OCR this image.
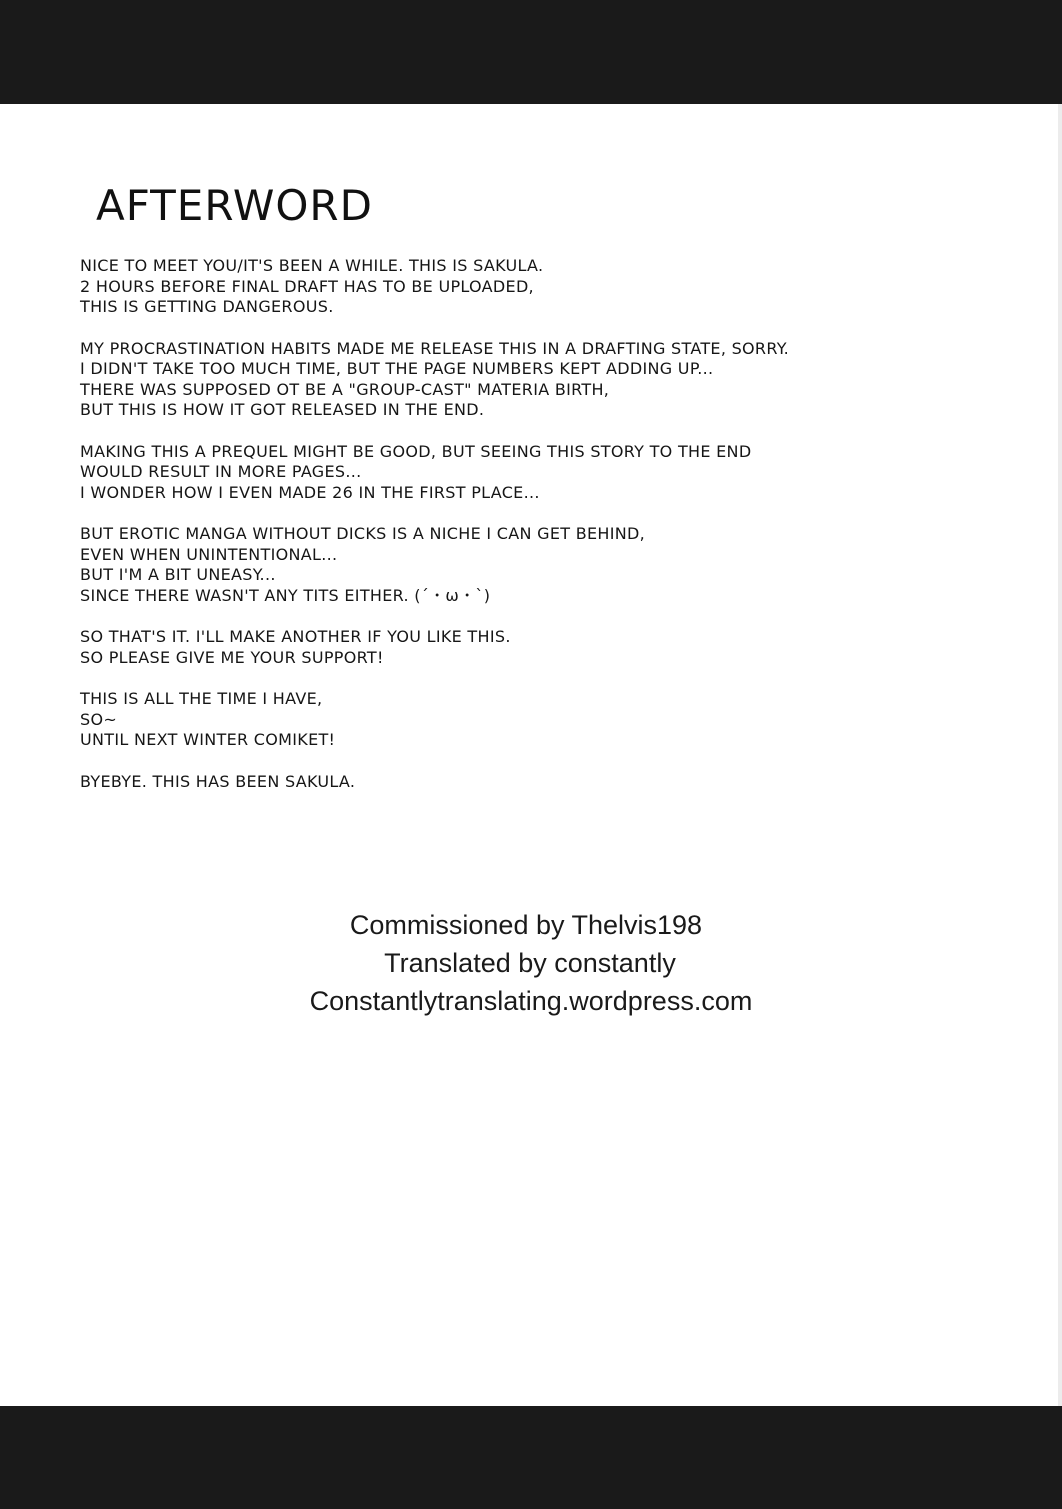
AFTERWORD
NICE TO MEET YOU/IT'S BEEN A WHILE. THIS IS SAKULA.
2 HOURS BEFORE FINAL DRAFT HAS TO BE UPLOADED,
THIS IS GETTING DANGEROUS.
MY PROCRASTINATION HABITS MADE ME RELEASE THIS IN A DRAFTING STATE, SORRY.
I DIDN'T TAKE TOO MUCH TIME, BUT THE PAGE NUMBERS KEPT ADDING UP...
THERE WAS SUPPOSED OT BE A "GROUP-CAST" MATERIA BIRTH,
BUT THIS IS HOW IT GOT RELEASED IN THE END.
MAKING THIS A PREQUEL MIGHT BE GOOD, BUT SEEING THIS STORY TO THE END
WOULD RESULT IN MORE PAGES...
I WONDER HOW I EVEN MADE 26 IN THE FIRST PLACE...
BUT EROTIC MANGA WITHOUT DICKS IS A NICHE I CAN GET BEHIND,
EVEN WHEN UNINTENTIONAL...
BUT I'M A BIT UNEASY...
SINCE THERE WASN'T ANY TITS EITHER. (´・ω・`)
SO THAT'S IT. I'LL MAKE ANOTHER IF YOU LIKE THIS.
SO PLEASE GIVE ME YOUR SUPPORT!
THIS IS ALL THE TIME I HAVE,
SO~
UNTIL NEXT WINTER COMIKET!
BYEBYE. THIS HAS BEEN SAKULA.
Commissioned by Thelvis198
Translated by constantly
Constantlytranslating.wordpress.com
